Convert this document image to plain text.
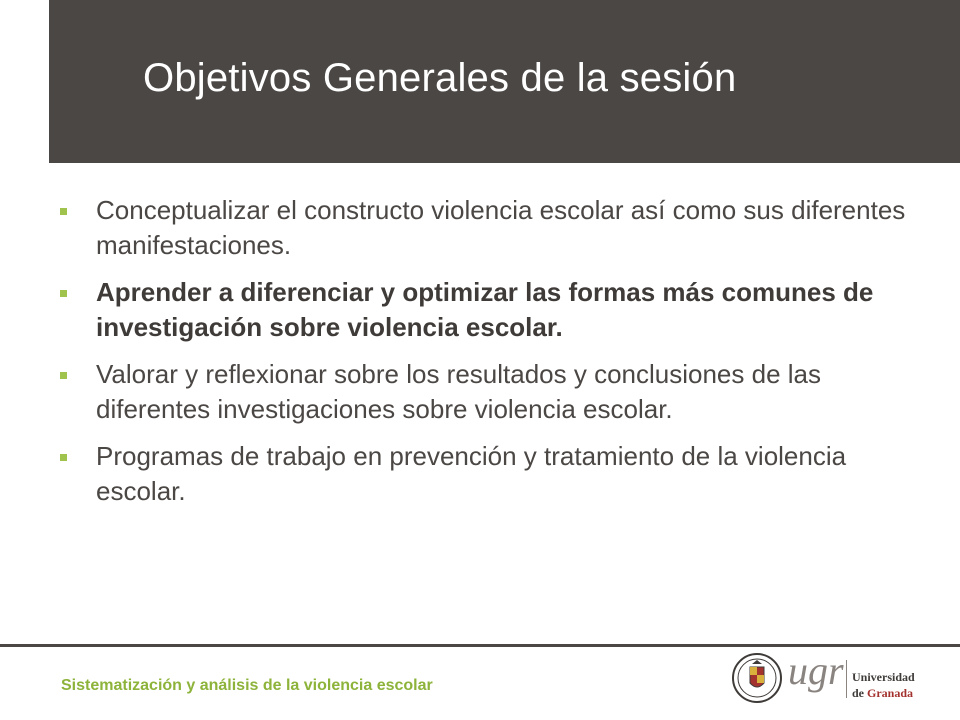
Objetivos Generales de la sesión
Conceptualizar el constructo violencia escolar así como sus diferentes manifestaciones.
Aprender a diferenciar y optimizar las formas más comunes de investigación sobre violencia escolar.
Valorar y reflexionar sobre los resultados y conclusiones de las diferentes investigaciones sobre violencia escolar.
Programas de trabajo en prevención y tratamiento de la violencia escolar.
Sistematización y análisis de la violencia escolar	ugr Universidad
de Granada
